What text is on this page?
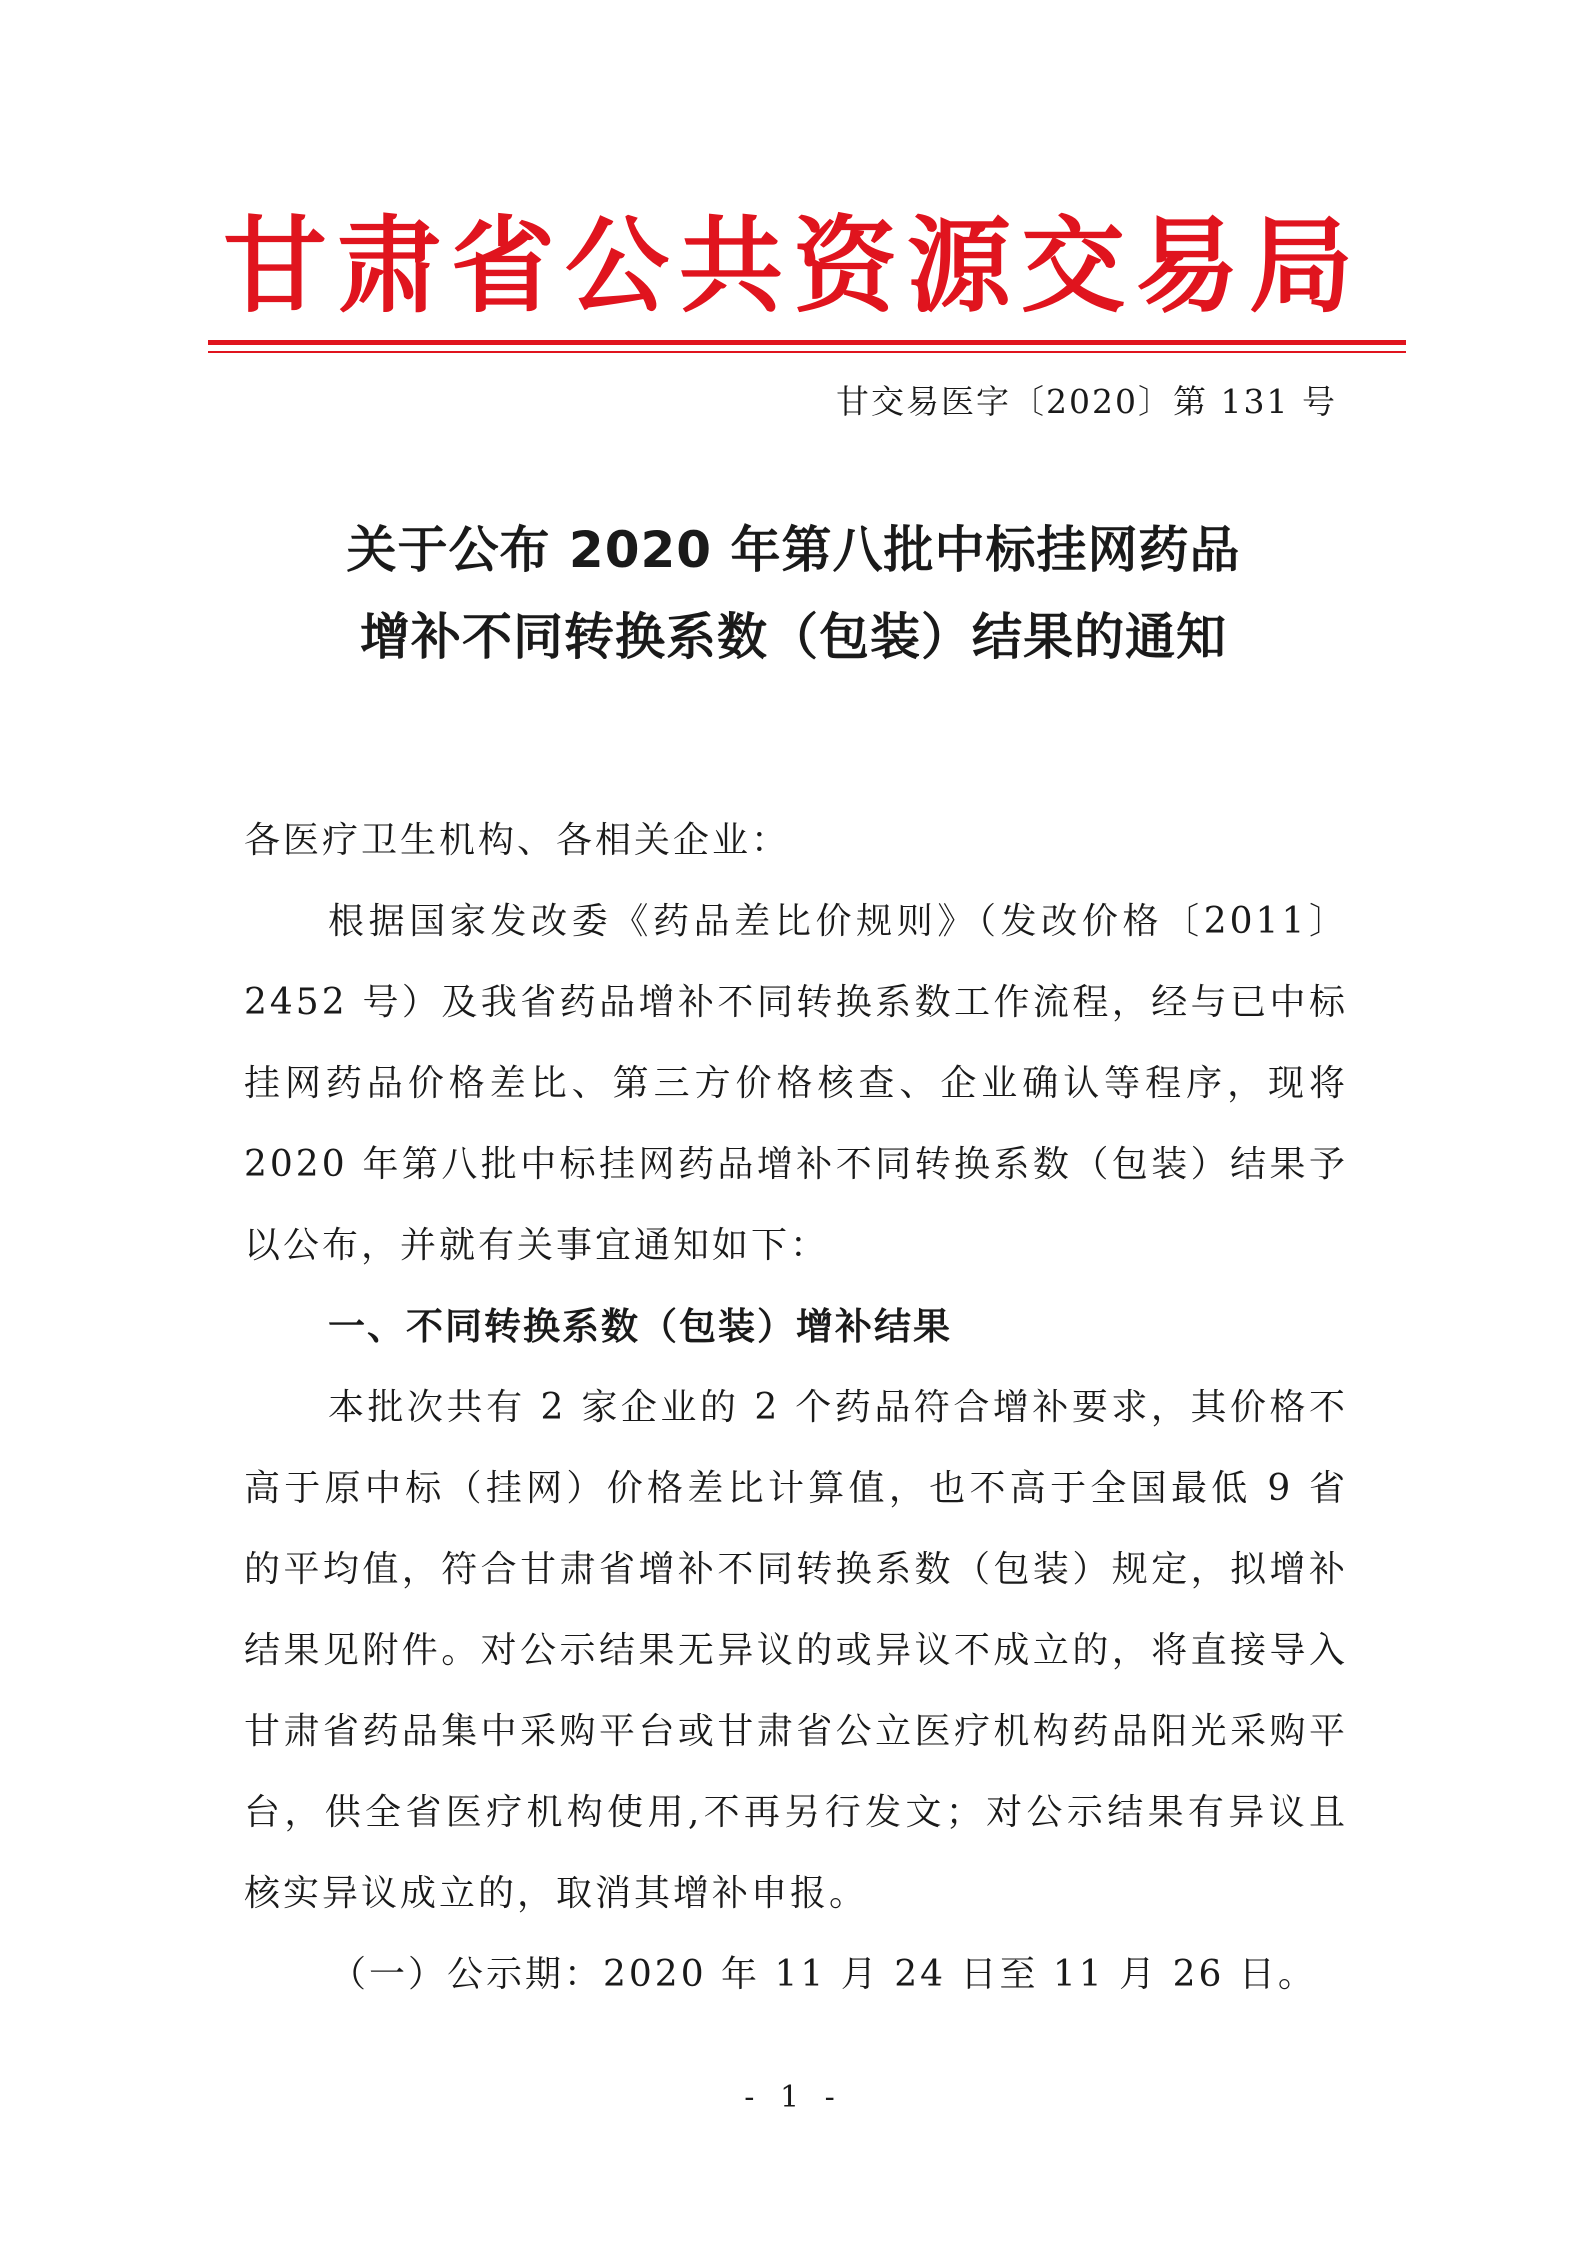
甘肃省公共资源交易局
甘交易医字〔2020〕第 131 号
关于公布 2020 年第八批中标挂网药品
增补不同转换系数（包装）结果的通知
各医疗卫生机构、各相关企业：
根据国家发改委《药品差比价规则》（发改价格〔2011〕2452 号）及我省药品增补不同转换系数工作流程，经与已中标挂网药品价格差比、第三方价格核查、企业确认等程序，现将 2020 年第八批中标挂网药品增补不同转换系数（包装）结果予以公布，并就有关事宜通知如下：
一、不同转换系数（包装）增补结果
本批次共有 2 家企业的 2 个药品符合增补要求，其价格不高于原中标（挂网）价格差比计算值，也不高于全国最低 9 省的平均值，符合甘肃省增补不同转换系数（包装）规定，拟增补结果见附件。对公示结果无异议的或异议不成立的，将直接导入甘肃省药品集中采购平台或甘肃省公立医疗机构药品阳光采购平台，供全省医疗机构使用,不再另行发文；对公示结果有异议且核实异议成立的，取消其增补申报。
（一）公示期：2020 年 11 月 24 日至 11 月 26 日。
- 1 -
